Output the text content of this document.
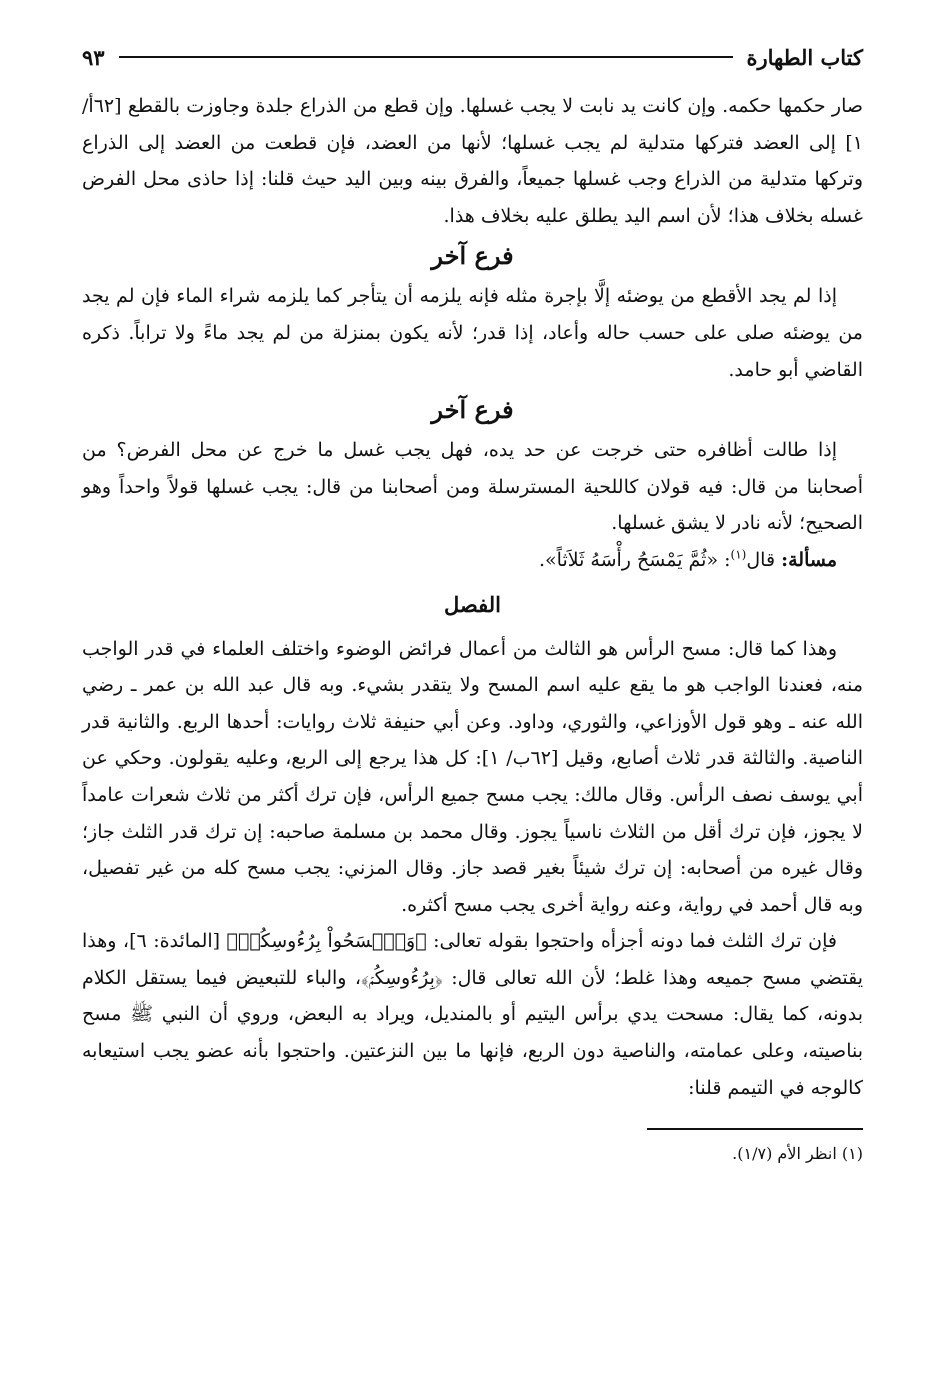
كتاب الطهارة
٩٣

صار حكمها حكمه. وإن كانت يد نابت لا يجب غسلها. وإن قطع من الذراع جلدة وجاوزت بالقطع [٦٢أ/ ١] إلى العضد فتركها متدلية لم يجب غسلها؛ لأنها من العضد، فإن قطعت من العضد إلى الذراع وتركها متدلية من الذراع وجب غسلها جميعاً، والفرق بينه وبين اليد حيث قلنا: إذا حاذى محل الفرض غسله بخلاف هذا؛ لأن اسم اليد يطلق عليه بخلاف هذا.

فرع آخر

إذا لم يجد الأقطع من يوضئه إلَّا بإجرة مثله فإنه يلزمه أن يتأجر كما يلزمه شراء الماء فإن لم يجد من يوضئه صلى على حسب حاله وأعاد، إذا قدر؛ لأنه يكون بمنزلة من لم يجد ماءً ولا تراباً. ذكره القاضي أبو حامد.

فرع آخر

إذا طالت أظافره حتى خرجت عن حد يده، فهل يجب غسل ما خرج عن محل الفرض؟ من أصحابنا من قال: فيه قولان كاللحية المسترسلة ومن أصحابنا من قال: يجب غسلها قولاً واحداً وهو الصحيح؛ لأنه نادر لا يشق غسلها.

مسألة: قال$^{(١)}$: «ثُمَّ يَمْسَحُ رأْسَهُ ثَلاَثاً».

الفصل

وهذا كما قال: مسح الرأس هو الثالث من أعمال فرائض الوضوء واختلف العلماء في قدر الواجب منه، فعندنا الواجب هو ما يقع عليه اسم المسح ولا يتقدر بشيء. وبه قال عبد الله بن عمر ـ رضي الله عنه ـ وهو قول الأوزاعي، والثوري، وداود. وعن أبي حنيفة ثلاث روايات: أحدها الربع. والثانية قدر الناصية. والثالثة قدر ثلاث أصابع، وقيل [٦٢ب/ ١]: كل هذا يرجع إلى الربع، وعليه يقولون. وحكي عن أبي يوسف نصف الرأس. وقال مالك: يجب مسح جميع الرأس، فإن ترك أكثر من ثلاث شعرات عامداً لا يجوز، فإن ترك أقل من الثلاث ناسياً يجوز. وقال محمد بن مسلمة صاحبه: إن ترك قدر الثلث جاز؛ وقال غيره من أصحابه: إن ترك شيئاً بغير قصد جاز. وقال المزني: يجب مسح كله من غير تفصيل، وبه قال أحمد في رواية، وعنه رواية أخرى يجب مسح أكثره.

فإن ترك الثلث فما دونه أجزأه واحتجوا بقوله تعالى: ﴿وَٱمۡسَحُواْ بِرُءُوسِكُمۡ﴾ [المائدة: ٦]، وهذا يقتضي مسح جميعه وهذا غلط؛ لأن الله تعالى قال: ﴿بِرُءُوسِكُمۡ﴾، والباء للتبعيض فيما يستقل الكلام بدونه، كما يقال: مسحت يدي برأس اليتيم أو بالمنديل، ويراد به البعض، وروي أن النبي ﷺ مسح بناصيته، وعلى عمامته، والناصية دون الربع، فإنها ما بين النزعتين. واحتجوا بأنه عضو يجب استيعابه كالوجه في التيمم قلنا:

(١) انظر الأم (١/٧).
